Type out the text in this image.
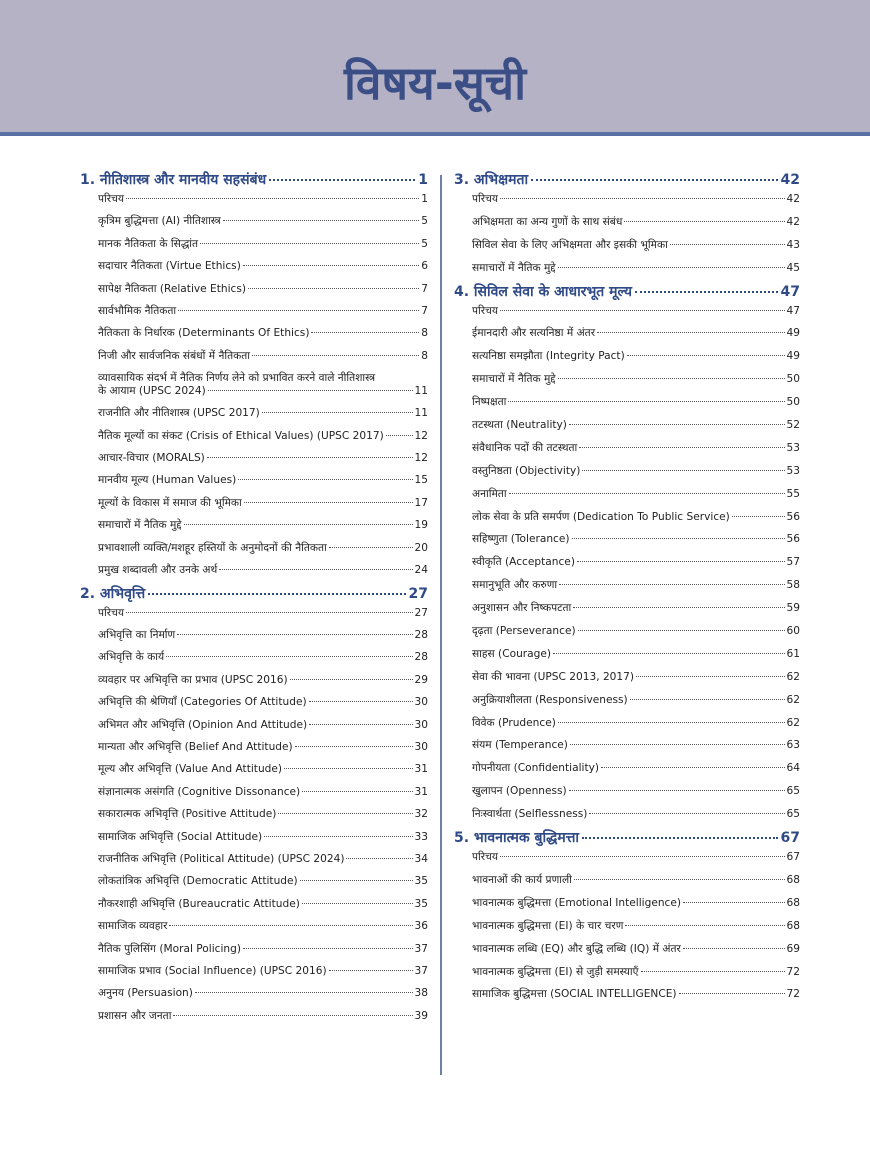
विषय-सूची
1. नीतिशास्त्र और मानवीय सहसंबंध	1
परिचय	1
कृत्रिम बुद्धिमत्ता (AI) नीतिशास्त्र	5
मानक नैतिकता के सिद्धांत	5
सदाचार नैतिकता (Virtue Ethics)	6
सापेक्ष नैतिकता (Relative Ethics)	7
सार्वभौमिक नैतिकता	7
नैतिकता के निर्धारक (Determinants Of Ethics)	8
निजी और सार्वजनिक संबंधों में नैतिकता	8
व्यावसायिक संदर्भ में नैतिक निर्णय लेने को प्रभावित करने वाले नीतिशास्त्र
के आयाम (UPSC 2024)	11
राजनीति और नीतिशास्त्र (UPSC 2017)	11
नैतिक मूल्यों का संकट (Crisis of Ethical Values) (UPSC 2017)	12
आचार-विचार (MORALS)	12
मानवीय मूल्य (Human Values)	15
मूल्यों के विकास में समाज की भूमिका	17
समाचारों में नैतिक मुद्दे	19
प्रभावशाली व्यक्ति/मशहूर हस्तियों के अनुमोदनों की नैतिकता	20
प्रमुख शब्दावली और उनके अर्थ	24
2. अभिवृत्ति	27
परिचय	27
अभिवृत्ति का निर्माण	28
अभिवृत्ति के कार्य	28
व्यवहार पर अभिवृत्ति का प्रभाव (UPSC 2016)	29
अभिवृत्ति की श्रेणियाँ (Categories Of Attitude)	30
अभिमत और अभिवृत्ति (Opinion And Attitude)	30
मान्यता और अभिवृत्ति (Belief And Attitude)	30
मूल्य और अभिवृत्ति (Value And Attitude)	31
संज्ञानात्मक असंगति (Cognitive Dissonance)	31
सकारात्मक अभिवृत्ति (Positive Attitude)	32
सामाजिक अभिवृत्ति (Social Attitude)	33
राजनीतिक अभिवृत्ति (Political Attitude) (UPSC 2024)	34
लोकतांत्रिक अभिवृत्ति (Democratic Attitude)	35
नौकरशाही अभिवृत्ति (Bureaucratic Attitude)	35
सामाजिक व्यवहार	36
नैतिक पुलिसिंग (Moral Policing)	37
सामाजिक प्रभाव (Social Influence) (UPSC 2016)	37
अनुनय (Persuasion)	38
प्रशासन और जनता	39
3. अभिक्षमता	42
परिचय	42
अभिक्षमता का अन्य गुणों के साथ संबंध	42
सिविल सेवा के लिए अभिक्षमता और इसकी भूमिका	43
समाचारों में नैतिक मुद्दे	45
4. सिविल सेवा के आधारभूत मूल्य	47
परिचय	47
ईमानदारी और सत्यनिष्ठा में अंतर	49
सत्यनिष्ठा समझौता (Integrity Pact)	49
समाचारों में नैतिक मुद्दे	50
निष्पक्षता	50
तटस्थता (Neutrality)	52
संवैधानिक पदों की तटस्थता	53
वस्तुनिष्ठता (Objectivity)	53
अनामिता	55
लोक सेवा के प्रति समर्पण (Dedication To Public Service)	56
सहिष्णुता (Tolerance)	56
स्वीकृति (Acceptance)	57
समानुभूति और करुणा	58
अनुशासन और निष्कपटता	59
दृढ़ता (Perseverance)	60
साहस (Courage)	61
सेवा की भावना (UPSC 2013, 2017)	62
अनुक्रियाशीलता (Responsiveness)	62
विवेक (Prudence)	62
संयम (Temperance)	63
गोपनीयता (Confidentiality)	64
खुलापन (Openness)	65
निःस्वार्थता (Selflessness)	65
5. भावनात्मक बुद्धिमत्ता	67
परिचय	67
भावनाओं की कार्य प्रणाली	68
भावनात्मक बुद्धिमत्ता (Emotional Intelligence)	68
भावनात्मक बुद्धिमत्ता (EI) के चार चरण	68
भावनात्मक लब्धि (EQ) और बुद्धि लब्धि (IQ) में अंतर	69
भावनात्मक बुद्धिमत्ता (EI) से जुड़ी समस्याएँ	72
सामाजिक बुद्धिमत्ता (SOCIAL INTELLIGENCE)	72
